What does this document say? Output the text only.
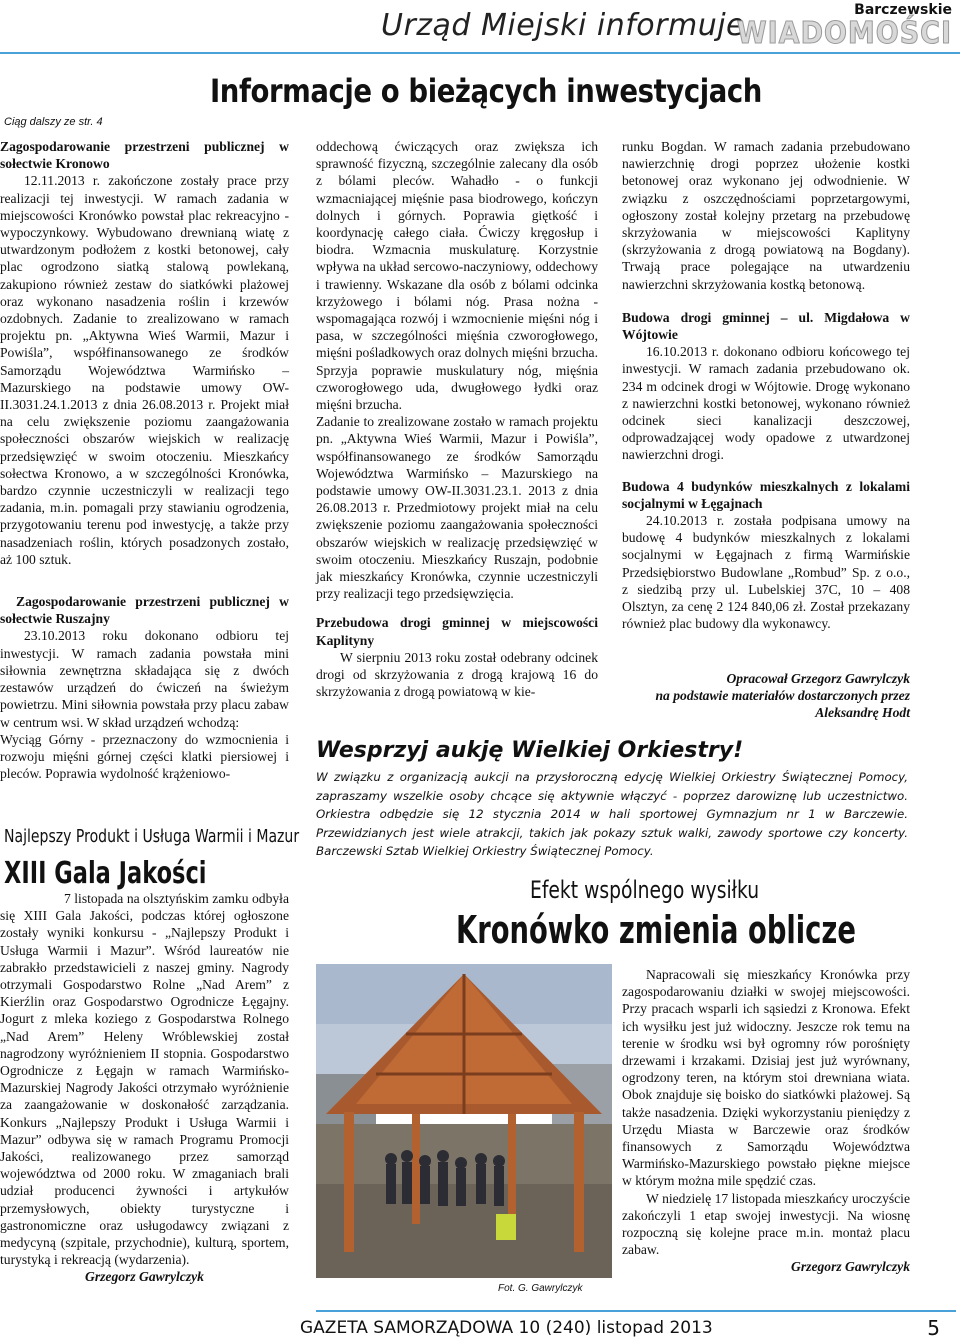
Urząd Miejski informuje	Barczewskie
WIADOMOŚCI
Informacje o bieżących inwestycjach
Ciąg dalszy ze str. 4

Zagospodarowanie przestrzeni publicznej w sołectwie Kronowo

12.11.2013 r. zakończone zostały prace przy realizacji tej inwestycji. W ramach zadania w miejscowości Kronówko powstał plac rekreacyjno - wypoczynkowy. Wybudowano drewnianą wiatę z utwardzonym podłożem z kostki betonowej, cały plac ogrodzono siatką stalową powlekaną, zakupiono również zestaw do siatkówki plażowej oraz wykonano nasadzenia roślin i krzewów ozdobnych. Zadanie to zrealizowano w ramach projektu pn. „Aktywna Wieś Warmii, Mazur i Powiśla”, współfinansowanego ze środków Samorządu Województwa Warmińsko – Mazurskiego na podstawie umowy OW-II.3031.24.1.2013 z dnia 26.08.2013 r. Projekt miał na celu zwiększenie poziomu zaangażowania społeczności obszarów wiejskich w realizację przedsięwzięć w swoim otoczeniu. Mieszkańcy sołectwa Kronowo, a w szczególności Kronówka, bardzo czynnie uczestniczyli w realizacji tego zadania, m.in. pomagali przy stawianiu ogrodzenia, przygotowaniu terenu pod inwestycję, a także przy nasadzeniach roślin, których posadzonych zostało, aż 100 sztuk.

Zagospodarowanie przestrzeni publicznej w sołectwie Ruszajny

23.10.2013 roku dokonano odbioru tej inwestycji. W ramach zadania powstała mini siłownia zewnętrzna składająca się z dwóch zestawów urządzeń do ćwiczeń na świeżym powietrzu. Mini siłownia powstała przy placu zabaw w centrum wsi. W skład urządzeń wchodzą:

Wyciąg Górny - przeznaczony do wzmocnienia i rozwoju mięśni górnej części klatki piersiowej i pleców. Poprawia wydolność krążeniowo-

Najlepszy Produkt i Usługa Warmii i Mazur
XIII Gala Jakości

7 listopada na olsztyńskim zamku odbyła się XIII Gala Jakości, podczas której ogłoszone zostały wyniki konkursu - „Najlepszy Produkt i Usługa Warmii i Mazur”. Wśród laureatów nie zabrakło przedstawicieli z naszej gminy. Nagrody otrzymali Gospodarstwo Rolne „Nad Arem” z Kierźlin oraz Gospodarstwo Ogrodnicze Łęgajny. Jogurt z mleka koziego z Gospodarstwa Rolnego „Nad Arem” Heleny Wróblewskiej został nagrodzony wyróżnieniem II stopnia. Gospodarstwo Ogrodnicze z Łęgajn w ramach Warmińsko-Mazurskiej Nagrody Jakości otrzymało wyróżnienie za zaangażowanie w doskonałość zarządzania. Konkurs „Najlepszy Produkt i Usługa Warmii i Mazur” odbywa się w ramach Programu Promocji Jakości, realizowanego przez samorząd województwa od 2000 roku. W zmaganiach brali udział producenci żywności i artykułów przemysłowych, obiekty turystyczne i gastronomiczne oraz usługodawcy związani z medycyną (szpitale, przychodnie), kulturą, sportem, turystyką i rekreacją (wydarzenia).

Grzegorz Gawrylczyk

oddechową ćwiczących oraz zwiększa ich sprawność fizyczną, szczególnie zalecany dla osób z bólami pleców. Wahadło - o funkcji wzmacniającej mięśnie pasa biodrowego, kończyn dolnych i górnych. Poprawia giętkość i koordynację całego ciała. Ćwiczy kręgosłup i biodra. Wzmacnia muskulaturę. Korzystnie wpływa na układ sercowo-naczyniowy, oddechowy i trawienny. Wskazane dla osób z bólami odcinka krzyżowego i bólami nóg. Prasa nożna - wspomagająca rozwój i wzmocnienie mięśni nóg i pasa, w szczególności mięśnia czworogłowego, mięśni pośladkowych oraz dolnych mięśni brzucha. Sprzyja poprawie muskulatury nóg, mięśnia czworogłowego uda, dwugłowego łydki oraz mięśni brzucha.

Zadanie to zrealizowane zostało w ramach projektu pn. „Aktywna Wieś Warmii, Mazur i Powiśla”, współfinansowanego ze środków Samorządu Województwa Warmińsko – Mazurskiego na podstawie umowy OW-II.3031.23.1. 2013 z dnia 26.08.2013 r. Przedmiotowy projekt miał na celu zwiększenie poziomu zaangażowania społeczności obszarów wiejskich w realizację przedsięwzięć w swoim otoczeniu. Mieszkańcy Ruszajn, podobnie jak mieszkańcy Kronówka, czynnie uczestniczyli przy realizacji tego przedsięwzięcia.

Przebudowa drogi gminnej w miejscowości Kaplityny

W sierpniu 2013 roku został odebrany odcinek drogi od skrzyżowania z drogą krajową 16 do skrzyżowania z drogą powiatową w kie-

runku Bogdan. W ramach zadania przebudowano nawierzchnię drogi poprzez ułożenie kostki betonowej oraz wykonano jej odwodnienie. W związku z oszczędnościami poprzetargowymi, ogłoszony został kolejny przetarg na przebudowę skrzyżowania w miejscowości Kaplityny (skrzyżowania z drogą powiatową na Bogdany). Trwają prace polegające na utwardzeniu nawierzchni skrzyżowania kostką betonową.

Budowa drogi gminnej – ul. Migdałowa w Wójtowie

16.10.2013 r. dokonano odbioru końcowego tej inwestycji. W ramach zadania przebudowano ok. 234 m odcinek drogi w Wójtowie. Drogę wykonano z nawierzchni kostki betonowej, wykonano również odcinek sieci kanalizacji deszczowej, odprowadzającej wody opadowe z utwardzonej nawierzchni drogi.

Budowa 4 budynków mieszkalnych z lokalami socjalnymi w Łęgajnach

24.10.2013 r. została podpisana umowy na budowę 4 budynków mieszkalnych z lokalami socjalnymi w Łęgajnach z firmą Warmińskie Przedsiębiorstwo Budowlane „Rombud” Sp. z o.o., z siedzibą przy ul. Lubelskiej 37C, 10 – 408 Olsztyn, za cenę 2 124 840,06 zł. Został przekazany również plac budowy dla wykonawcy.

Opracował Grzegorz Gawrylczyk

na podstawie materiałów dostarczonych przez

Aleksandrę Hodt

Wesprzyj aukję Wielkiej Orkiestry!
W związku z organizacją aukcji na przysłoroczną edycję Wielkiej Orkiestry Świątecznej Pomocy, zapraszamy wszelkie osoby chcące się aktywnie włączyć - poprzez darowiznę lub uczestnictwo. Orkiestra odbędzie się 12 stycznia 2014 w hali sportowej Gymnazjum nr 1 w Barczewie. Przewidzianych jest wiele atrakcji, takich jak pokazy sztuk walki, zawody sportowe czy koncerty. Barczewski Sztab Wielkiej Orkiestry Świątecznej Pomocy.
Efekt wspólnego wysiłku
Kronówko zmienia oblicze
Fot. G. Gawrylczyk

Napracowali się mieszkańcy Kronówka przy zagospodarowaniu działki w swojej miejscowości. Przy pracach wsparli ich sąsiedzi z Kronowa. Efekt ich wysiłku jest już widoczny. Jeszcze rok temu na terenie w środku wsi był ogromny rów porośnięty drzewami i krzakami. Dzisiaj jest już wyrównany, ogrodzony teren, na którym stoi drewniana wiata. Obok znajduje się boisko do siatkówki plażowej. Są także nasadzenia. Dzięki wykorzystaniu pieniędzy z Urzędu Miasta w Barczewie oraz środków finansowych z Samorządu Województwa Warmińsko-Mazurskiego powstało piękne miejsce w którym można mile spędzić czas.

W niedzielę 17 listopada mieszkańcy uroczyście zakończyli 1 etap swojej inwestycji. Na wiosnę rozpoczną się kolejne prace m.in. montaż placu zabaw.

Grzegorz Gawrylczyk

GAZETA SAMORZĄDOWA 10 (240) listopad 2013	5
